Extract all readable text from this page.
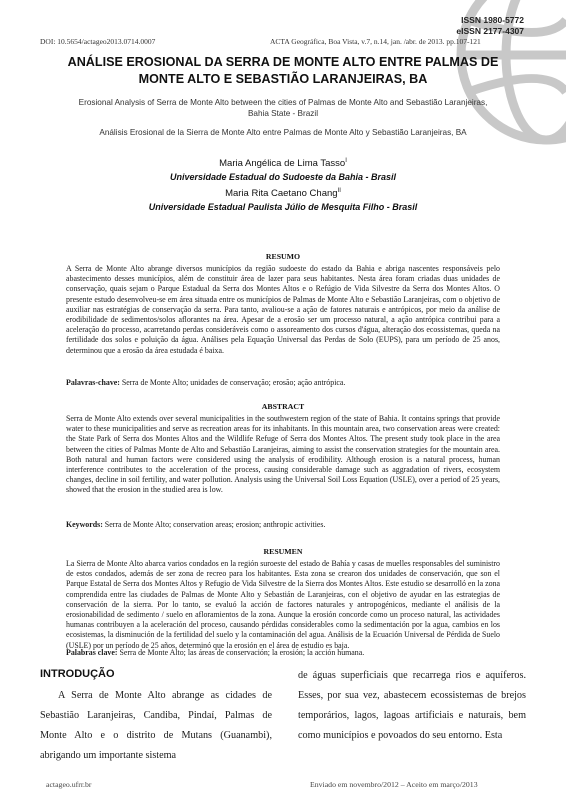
ISSN 1980-5772
eISSN 2177-4307
DOI: 10.5654/actageo2013.0714.0007	ACTA Geográfica, Boa Vista, v.7, n.14, jan. /abr. de 2013. pp.107-121
ANÁLISE EROSIONAL DA SERRA DE MONTE ALTO ENTRE PALMAS DE
MONTE ALTO E SEBASTIÃO LARANJEIRAS, BA
Erosional Analysis of Serra de Monte Alto between the cities of Palmas de Monte Alto and Sebastião Laranjeiras,
Bahia State - Brazil
Análisis Erosional de la Sierra de Monte Alto entre Palmas de Monte Alto y Sebastião Laranjeiras, BA
Maria Angélica de Lima Tasso$^I$
Universidade Estadual do Sudoeste da Bahia - Brasil
Maria Rita Caetano Chang$^{II}$
Universidade Estadual Paulista Júlio de Mesquita Filho - Brasil
RESUMO
A Serra de Monte Alto abrange diversos municípios da região sudoeste do estado da Bahia e abriga nascentes responsáveis pelo abastecimento desses municípios, além de constituir área de lazer para seus habitantes. Nesta área foram criadas duas unidades de conservação, quais sejam o Parque Estadual da Serra dos Montes Altos e o Refúgio de Vida Silvestre da Serra dos Montes Altos. O presente estudo desenvolveu-se em área situada entre os municípios de Palmas de Monte Alto e Sebastião Laranjeiras, com o objetivo de auxiliar nas estratégias de conservação da serra. Para tanto, avaliou-se a ação de fatores naturais e antrópicos, por meio da análise de erodibilidade de sedimentos/solos aflorantes na área. Apesar de a erosão ser um processo natural, a ação antrópica contribui para a aceleração do processo, acarretando perdas consideráveis como o assoreamento dos cursos d'água, alteração dos ecossistemas, queda na fertilidade dos solos e poluição da água. Análises pela Equação Universal das Perdas de Solo (EUPS), para um período de 25 anos, determinou que a erosão da área estudada é baixa.
Palavras-chave: Serra de Monte Alto; unidades de conservação; erosão; ação antrópica.
ABSTRACT
Serra de Monte Alto extends over several municipalities in the southwestern region of the state of Bahia. It contains springs that provide water to these municipalities and serve as recreation areas for its inhabitants. In this mountain area, two conservation areas were created: the State Park of Serra dos Montes Altos and the Wildlife Refuge of Serra dos Montes Altos. The present study took place in the area between the cities of Palmas Monte de Alto and Sebastião Laranjeiras, aiming to assist the conservation strategies for the mountain area. Both natural and human factors were considered using the analysis of erodibility. Although erosion is a natural process, human interference contributes to the acceleration of the process, causing considerable damage such as aggradation of rivers, ecosystem changes, decline in soil fertility, and water pollution. Analysis using the Universal Soil Loss Equation (USLE), over a period of 25 years, showed that the erosion in the studied area is low.
Keywords: Serra de Monte Alto; conservation areas; erosion; anthropic activities.
RESUMEN
La Sierra de Monte Alto abarca varios condados en la región suroeste del estado de Bahía y casas de muelles responsables del suministro de estos condados, además de ser zona de recreo para los habitantes. Esta zona se crearon dos unidades de conservación, que son el Parque Estatal de Serra dos Montes Altos y Refugio de Vida Silvestre de la Sierra dos Montes Altos. Este estudio se desarrolló en la zona comprendida entre las ciudades de Palmas de Monte Alto y Sebastián de Laranjeiras, con el objetivo de ayudar en las estrategias de conservación de la sierra. Por lo tanto, se evaluó la acción de factores naturales y antropogénicos, mediante el análisis de la erosionabilidad de sedimento / suelo en afloramientos de la zona. Aunque la erosión concorde como un proceso natural, las actividades humanas contribuyen a la aceleración del proceso, causando pérdidas considerables como la sedimentación por la agua, cambios en los ecosistemas, la disminución de la fertilidad del suelo y la contaminación del agua. Análisis de la Ecuación Universal de Pérdida de Suelo (USLE) por un período de 25 años, determinó que la erosión en el área de estudio es baja.
Palabras clave: Serra de Monte Alto; las áreas de conservación; la erosión; la acción humana.
INTRODUÇÃO
A Serra de Monte Alto abrange as cidades de Sebastião Laranjeiras, Candiba, Pindaí, Palmas de Monte Alto e o distrito de Mutans (Guanambi), abrigando um importante sistema
de águas superficiais que recarrega rios e aquíferos. Esses, por sua vez, abastecem ecossistemas de brejos temporários, lagos, lagoas artificiais e naturais, bem como municípios e povoados do seu entorno. Esta
actageo.ufrr.br	Enviado em novembro/2012 – Aceito em março/2013
